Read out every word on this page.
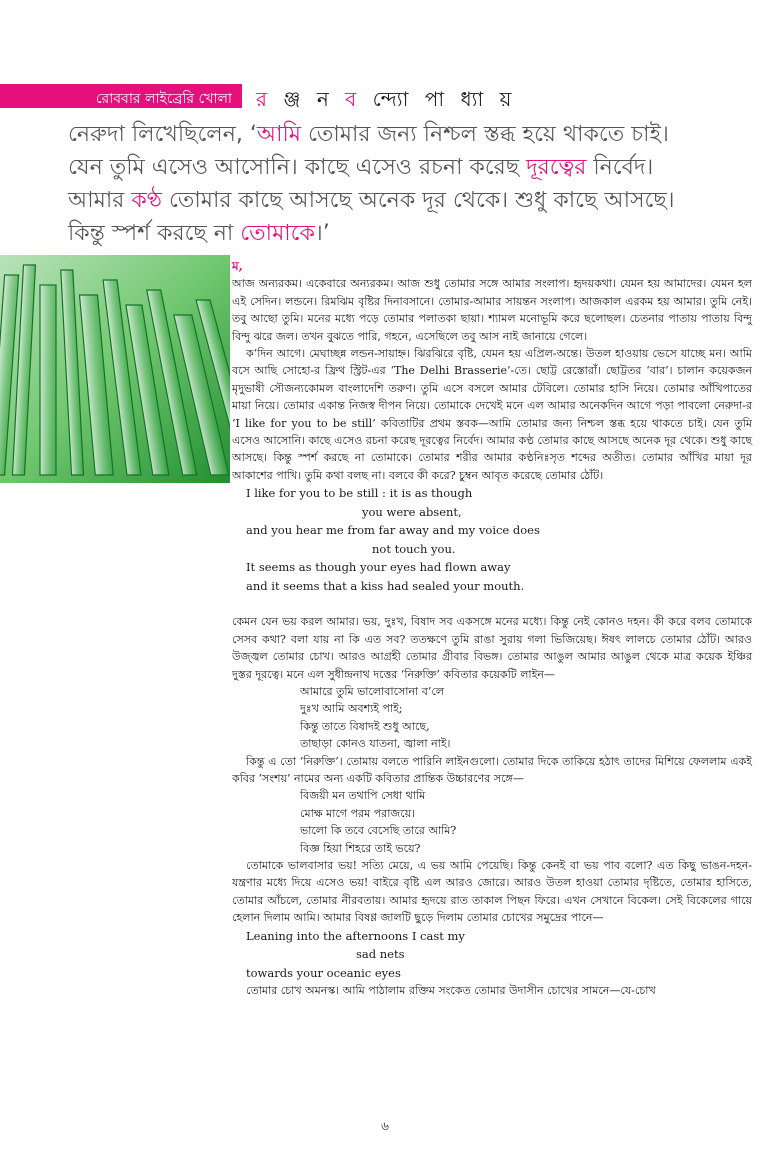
রোববার লাইব্রেরি খোলা র ঞ্জ ন ব ন্দ্যো পা ধ্যা য়
নেরুদা লিখেছিলেন, ‘আমি তোমার জন্য নিশ্চল স্তব্ধ হয়ে থাকতে চাই।
যেন তুমি এসেও আসোনি। কাছে এসেও রচনা করেছ দূরত্বের নির্বেদ।
আমার কণ্ঠ তোমার কাছে আসছে অনেক দূর থেকে। শুধু কাছে আসছে।
কিন্তু স্পর্শ করছে না তোমাকে।’

ম,

আজ অন্যরকম। একেবারে অন্যরকম। আজ শুধু তোমার সঙ্গে আমার সংলাপ। হৃদয়কথা। যেমন হয় আমাদের। যেমন হল এই সেদিন। লন্ডনে। রিমঝিম বৃষ্টির দিনাবসানে। তোমার-আমার সায়ন্তন সংলাপ। আজকাল এরকম হয় আমার। তুমি নেই। তবু আছো তুমি। মনের মধ্যে পড়ে তোমার পলাতকা ছায়া। শ্যামল মনোভূমি করে ছলোছল। চেতনার পাতায় পাতায় বিন্দু বিন্দু ঝরে জল। তখন বুঝতে পারি, গহনে, এসেছিলে তবু আস নাই জানায়ে গেলে।

ক’দিন আগে। মেঘাচ্ছন্ন লন্ডন-সায়াহ্ন। ঝিরঝিরে বৃষ্টি, যেমন হয় এপ্রিল-অন্তে। উতল হাওয়ায় ভেসে যাচ্ছে মন। আমি বসে আছি সোহো-র ফ্রিথ স্ট্রিট-এর ‘The Delhi Brasserie’-তে। ছোট্ট রেস্তোরাঁ। ছোট্টতর ‘বার’। চালান কয়েকজন মৃদুভাষী সৌজন্যকোমল বাংলাদেশি তরুণ। তুমি এসে বসলে আমার টেবিলে। তোমার হাসি নিয়ে। তোমার আঁখিপাতের মায়া নিয়ে। তোমার একান্ত নিজস্ব দীপন নিয়ে। তোমাকে দেখেই মনে এল আমার অনেকদিন আগে পড়া পাবলো নেরুদা-র ‘I like for you to be still’ কবিতাটির প্রথম স্তবক—আমি তোমার জন্য নিশ্চল স্তব্ধ হয়ে থাকতে চাই। যেন তুমি এসেও আসোনি। কাছে এসেও রচনা করেছ দূরত্বের নির্বেদ। আমার কণ্ঠ তোমার কাছে আসছে অনেক দূর থেকে। শুধু কাছে আসছে। কিন্তু স্পর্শ করছে না তোমাকে। তোমার শরীর আমার কণ্ঠনিঃসৃত শব্দের অতীত। তোমার আঁখির মায়া দূর আকাশের পাখি। তুমি কথা বলছ না। বলবে কী করে? চুম্বন আবৃত করেছে তোমার ঠোঁট।

I like for you to be still : it is as though
you were absent,
and you hear me from far away and my voice does
not touch you.
It seems as though your eyes had flown away
and it seems that a kiss had sealed your mouth.

কেমন যেন ভয় করল আমার। ভয়, দুঃখ, বিষাদ সব একসঙ্গে মনের মধ্যে। কিন্তু নেই কোনও দহন। কী করে বলব তোমাকে সেসব কথা? বলা যায় না কি এত সব? ততক্ষণে তুমি রাঙা সুরায় গলা ভিজিয়েছ। ঈষৎ লালচে তোমার ঠোঁট। আরও উজ্জ্বল তোমার চোখ। আরও আগ্রহী তোমার গ্রীবার বিভঙ্গ। তোমার আঙুল আমার আঙুল থেকে মাত্র কয়েক ইঞ্চির দুস্তর দূরত্বে। মনে এল সুধীন্দ্রনাথ দত্তের ‘নিরুক্তি’ কবিতার কয়েকটি লাইন—

আমারে তুমি ভালোবাসোনা ব’লে
দুঃখ আমি অবশ্যই পাই;
কিন্তু তাতে বিষাদই শুধু আছে,
তাছাড়া কোনও যাতনা, জ্বালা নাই।

কিন্তু এ তো ‘নিরুক্তি’। তোমায় বলতে পারিনি লাইনগুলো। তোমার দিকে তাকিয়ে হঠাৎ তাদের মিশিয়ে ফেললাম একই কবির ‘সংশয়’ নামের অন্য একটি কবিতার প্রান্তিক উচ্চারণের সঙ্গে—

বিজয়ী মন তথাপি সেধা থামি
মোক্ষ মাগে পরম পরাজয়ে।
ভালো কি তবে বেসেছি তারে আমি?
বিজ্ঞ হিয়া শিহরে তাই ভয়ে?

তোমাকে ভালবাসার ভয়! সত্যি মেয়ে, এ ভয় আমি পেয়েছি। কিন্তু কেনই বা ভয় পাব বলো? এত কিছু ভাঙন-দহন-যন্ত্রণার মধ্যে দিয়ে এসেও ভয়! বাইরে বৃষ্টি এল আরও জোরে। আরও উতল হাওয়া তোমার দৃষ্টিতে, তোমার হাসিতে, তোমার আঁচলে, তোমার নীরবতায়। আমার হৃদয়ে রাত তাকাল পিছন ফিরে। এখন সেখানে বিকেল। সেই বিকেলের গায়ে হেলান দিলাম আমি। আমার বিষণ্ণ জালটি ছুড়ে দিলাম তোমার চোখের সমুদ্রের পানে—

Leaning into the afternoons I cast my
sad nets
towards your oceanic eyes

তোমার চোখ অমনস্ক। আমি পাঠালাম রক্তিম সংকেত তোমার উদাসীন চোখের সামনে—যে-চোখ

৬
